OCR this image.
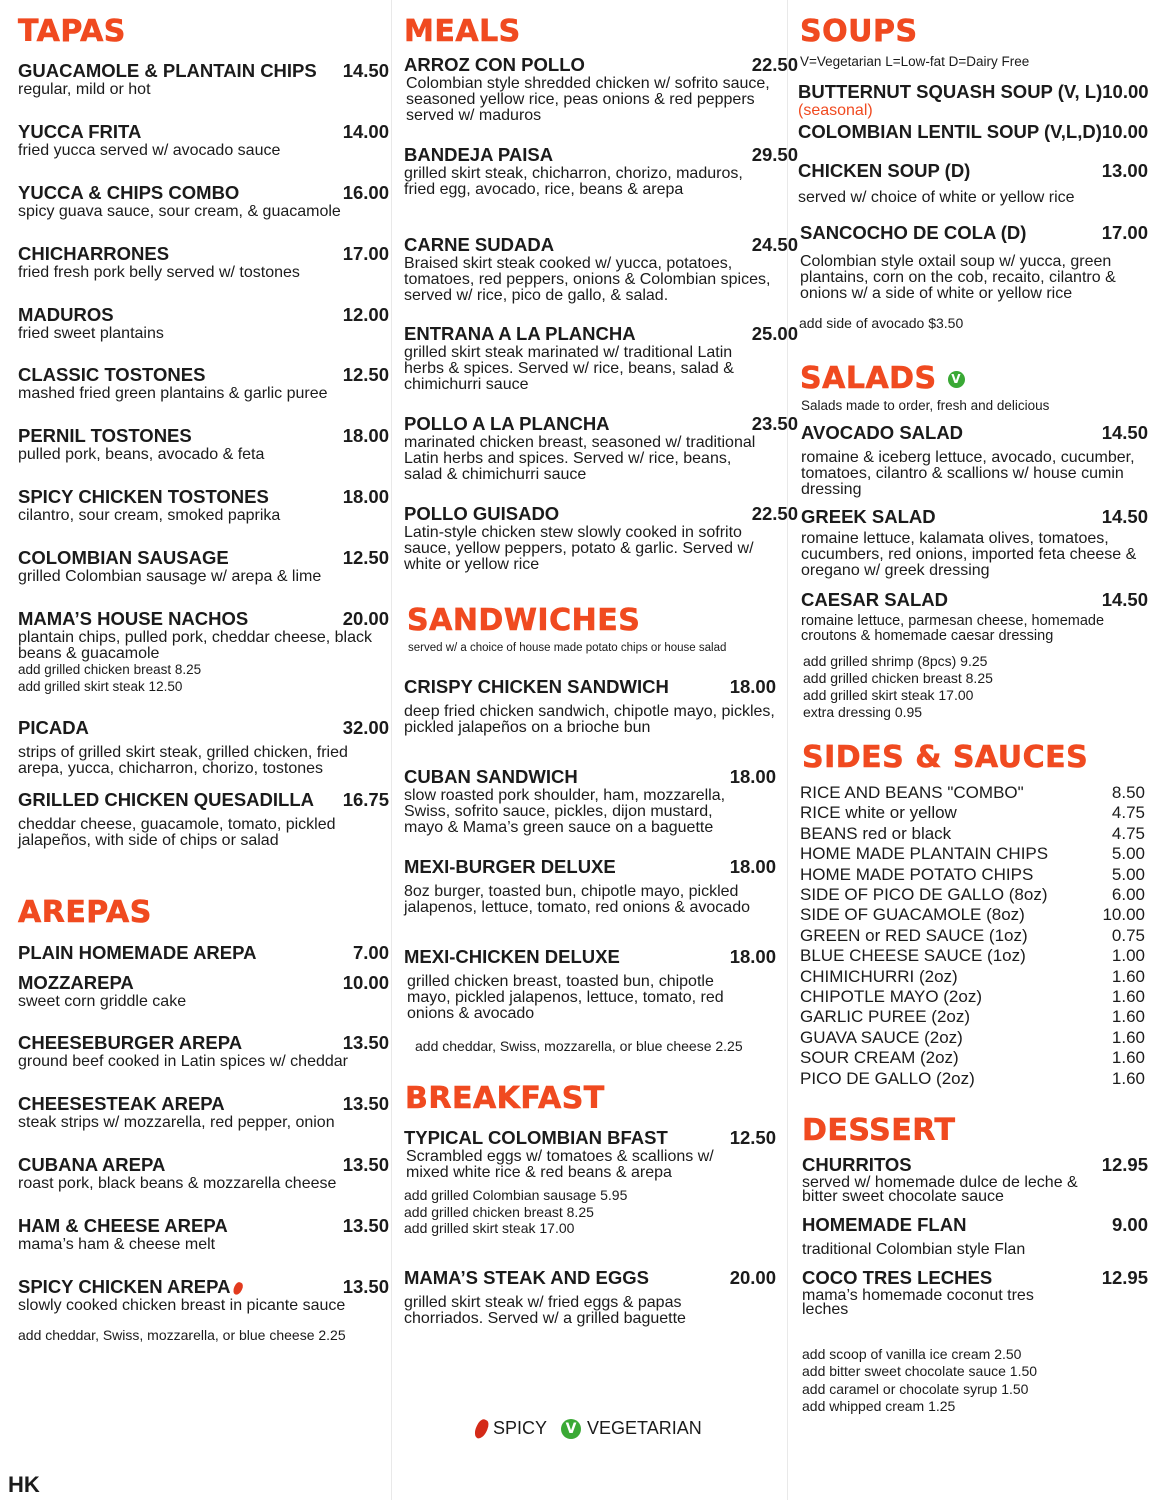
TAPAS
GUACAMOLE & PLANTAIN CHIPS 14.50
regular, mild or hot
YUCCA FRITA	14.00
fried yucca served w/ avocado sauce
YUCCA & CHIPS COMBO	16.00
spicy guava sauce, sour cream, & guacamole
CHICHARRONES	17.00
fried fresh pork belly served w/ tostones
MADUROS	12.00
fried sweet plantains
CLASSIC TOSTONES	12.50
mashed fried green plantains & garlic puree
PERNIL TOSTONES	18.00
pulled pork, beans, avocado & feta
SPICY CHICKEN TOSTONES	18.00
cilantro, sour cream, smoked paprika
COLOMBIAN SAUSAGE	12.50
grilled Colombian sausage w/ arepa & lime
MAMA’S HOUSE NACHOS	20.00
plantain chips, pulled pork, cheddar cheese, black beans & guacamole
add grilled chicken breast 8.25
add grilled skirt steak 12.50
PICADA	32.00
strips of grilled skirt steak, grilled chicken, fried arepa, yucca, chicharron, chorizo, tostones
GRILLED CHICKEN QUESADILLA 16.75
cheddar cheese, guacamole, tomato, pickled jalapeños, with side of chips or salad
AREPAS
PLAIN HOMEMADE AREPA	7.00
MOZZAREPA	10.00
sweet corn griddle cake
CHEESEBURGER AREPA	13.50
ground beef cooked in Latin spices w/ cheddar
CHEESESTEAK AREPA	13.50
steak strips w/ mozzarella, red pepper, onion
CUBANA AREPA	13.50
roast pork, black beans & mozzarella cheese
HAM & CHEESE AREPA	13.50
mama’s ham & cheese melt
SPICY CHICKEN AREPA	13.50
slowly cooked chicken breast in picante sauce
add cheddar, Swiss, mozzarella, or blue cheese 2.25
MEALS
ARROZ CON POLLO	22.50
Colombian style shredded chicken w/ sofrito sauce, seasoned yellow rice, peas onions & red peppers served w/ maduros
BANDEJA PAISA	29.50
grilled skirt steak, chicharron, chorizo, maduros, fried egg, avocado, rice, beans & arepa
CARNE SUDADA	24.50
Braised skirt steak cooked w/ yucca, potatoes, tomatoes, red peppers, onions & Colombian spices, served w/ rice, pico de gallo, & salad.
ENTRANA A LA PLANCHA	25.00
grilled skirt steak marinated w/ traditional Latin herbs & spices. Served w/ rice, beans, salad & chimichurri sauce
POLLO A LA PLANCHA	23.50
marinated chicken breast, seasoned w/ traditional Latin herbs and spices. Served w/ rice, beans, salad & chimichurri sauce
POLLO GUISADO	22.50
Latin-style chicken stew slowly cooked in sofrito sauce, yellow peppers, potato & garlic. Served w/ white or yellow rice
SANDWICHES
served w/ a choice of house made potato chips or house salad
CRISPY CHICKEN SANDWICH	18.00
deep fried chicken sandwich, chipotle mayo, pickles, pickled jalapeños on a brioche bun
CUBAN SANDWICH	18.00
slow roasted pork shoulder, ham, mozzarella, Swiss, sofrito sauce, pickles, dijon mustard, mayo & Mama’s green sauce on a baguette
MEXI-BURGER DELUXE	18.00
8oz burger, toasted bun, chipotle mayo, pickled jalapenos, lettuce, tomato, red onions & avocado
MEXI-CHICKEN DELUXE	18.00
grilled chicken breast, toasted bun, chipotle mayo, pickled jalapenos, lettuce, tomato, red onions & avocado
add cheddar, Swiss, mozzarella, or blue cheese 2.25
BREAKFAST
TYPICAL COLOMBIAN BFAST	12.50
Scrambled eggs w/ tomatoes & scallions w/ mixed white rice & red beans & arepa
add grilled Colombian sausage 5.95
add grilled chicken breast 8.25
add grilled skirt steak 17.00
MAMA’S STEAK AND EGGS	20.00
grilled skirt steak w/ fried eggs & papas chorriados. Served w/ a grilled baguette
SOUPS
V=Vegetarian L=Low-fat D=Dairy Free
BUTTERNUT SQUASH SOUP (V, L) 10.00
(seasonal)
COLOMBIAN LENTIL SOUP (V,L,D) 10.00
CHICKEN SOUP (D)	13.00
served w/ choice of white or yellow rice
SANCOCHO DE COLA (D)	17.00
Colombian style oxtail soup w/ yucca, green plantains, corn on the cob, recaito, cilantro & onions w/ a side of white or yellow rice
add side of avocado $3.50
SALADS V
Salads made to order, fresh and delicious
AVOCADO SALAD	14.50
romaine & iceberg lettuce, avocado, cucumber, tomatoes, cilantro & scallions w/ house cumin dressing
GREEK SALAD	14.50
romaine lettuce, kalamata olives, tomatoes, cucumbers, red onions, imported feta cheese & oregano w/ greek dressing
CAESAR SALAD	14.50
romaine lettuce, parmesan cheese, homemade croutons & homemade caesar dressing
add grilled shrimp (8pcs) 9.25
add grilled chicken breast 8.25
add grilled skirt steak 17.00
extra dressing 0.95
SIDES & SAUCES
RICE AND BEANS "COMBO"	8.50
RICE white or yellow	4.75
BEANS red or black	4.75
HOME MADE PLANTAIN CHIPS	5.00
HOME MADE POTATO CHIPS	5.00
SIDE OF PICO DE GALLO (8oz)	6.00
SIDE OF GUACAMOLE (8oz)	10.00
GREEN or RED SAUCE (1oz)	0.75
BLUE CHEESE SAUCE (1oz)	1.00
CHIMICHURRI (2oz)	1.60
CHIPOTLE MAYO (2oz)	1.60
GARLIC PUREE (2oz)	1.60
GUAVA SAUCE (2oz)	1.60
SOUR CREAM (2oz)	1.60
PICO DE GALLO (2oz)	1.60
DESSERT
CHURRITOS	12.95
served w/ homemade dulce de leche & bitter sweet chocolate sauce
HOMEMADE FLAN	9.00
traditional Colombian style Flan
COCO TRES LECHES	12.95
mama’s homemade coconut tres leches
add scoop of vanilla ice cream 2.50
add bitter sweet chocolate sauce 1.50
add caramel or chocolate syrup 1.50
add whipped cream 1.25
SPICY	V VEGETARIAN
HK
